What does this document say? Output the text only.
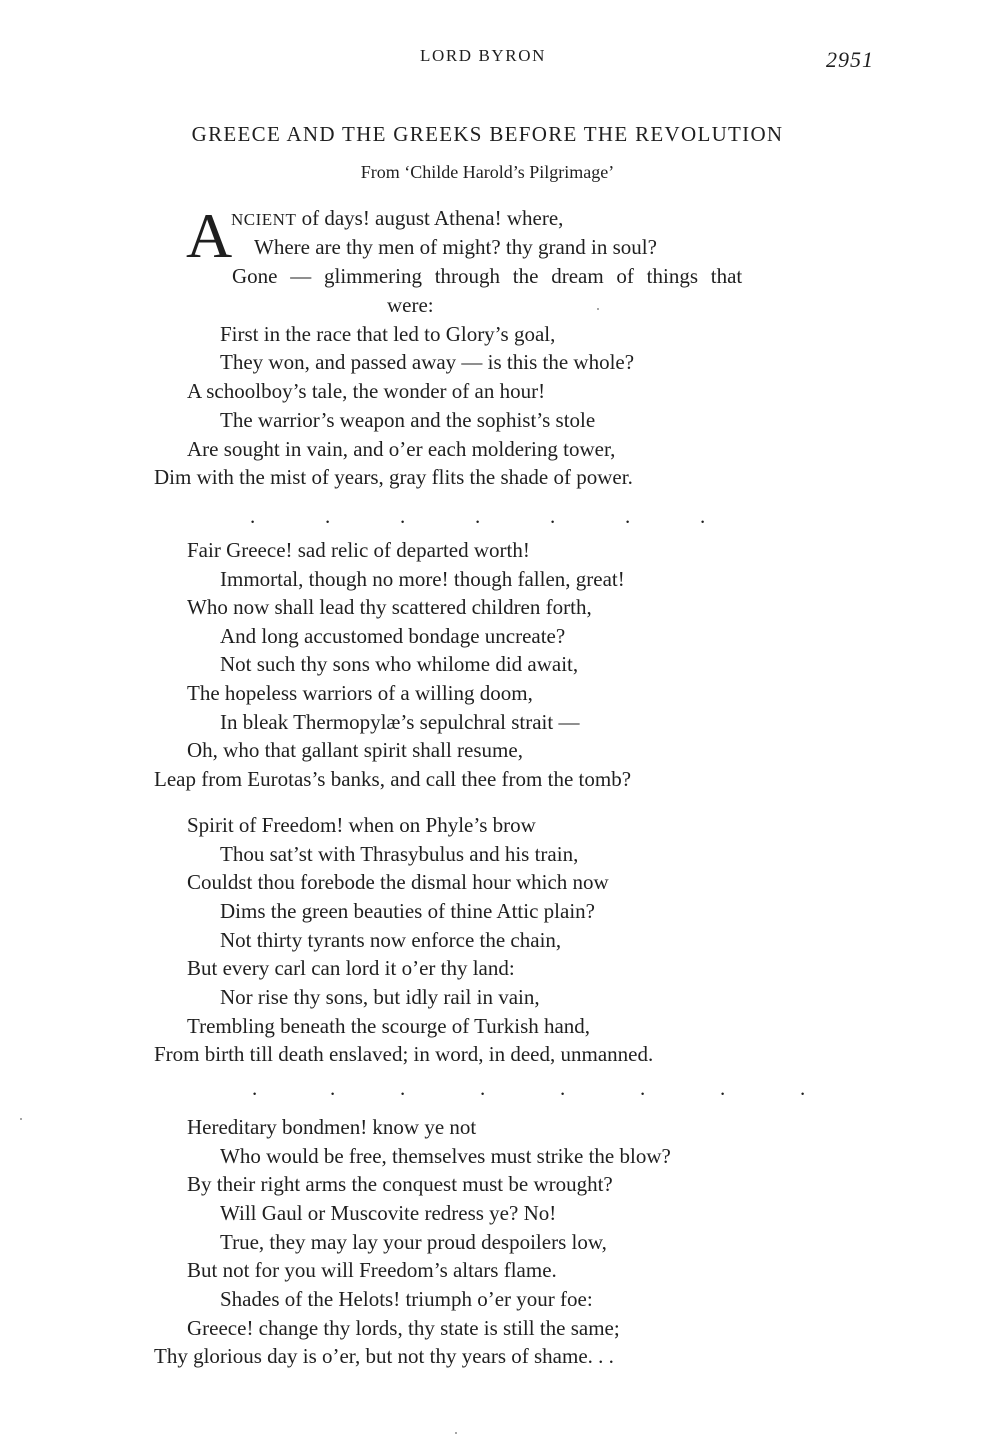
LORD BYRON	2951
GREECE AND THE GREEKS BEFORE THE REVOLUTION
From ‘Childe Harold’s Pilgrimage’
A
NCIENT of days! august Athena! where,
Where are thy men of might? thy grand in soul?
Gone — glimmering through the dream of things that
were:
First in the race that led to Glory’s goal,
They won, and passed away — is this the whole?
A schoolboy’s tale, the wonder of an hour!
The warrior’s weapon and the sophist’s stole
Are sought in vain, and o’er each moldering tower,
Dim with the mist of years, gray flits the shade of power.
.	.	.	.	.	.	.
Fair Greece! sad relic of departed worth!
Immortal, though no more! though fallen, great!
Who now shall lead thy scattered children forth,
And long accustomed bondage uncreate?
Not such thy sons who whilome did await,
The hopeless warriors of a willing doom,
In bleak Thermopylæ’s sepulchral strait —
Oh, who that gallant spirit shall resume,
Leap from Eurotas’s banks, and call thee from the tomb?
Spirit of Freedom! when on Phyle’s brow
Thou sat’st with Thrasybulus and his train,
Couldst thou forebode the dismal hour which now
Dims the green beauties of thine Attic plain?
Not thirty tyrants now enforce the chain,
But every carl can lord it o’er thy land:
Nor rise thy sons, but idly rail in vain,
Trembling beneath the scourge of Turkish hand,
From birth till death enslaved; in word, in deed, unmanned.
.	.	.	.	.	.	.	.
Hereditary bondmen! know ye not
Who would be free, themselves must strike the blow?
By their right arms the conquest must be wrought?
Will Gaul or Muscovite redress ye? No!
True, they may lay your proud despoilers low,
But not for you will Freedom’s altars flame.
Shades of the Helots! triumph o’er your foe:
Greece! change thy lords, thy state is still the same;
Thy glorious day is o’er, but not thy years of shame. . .
